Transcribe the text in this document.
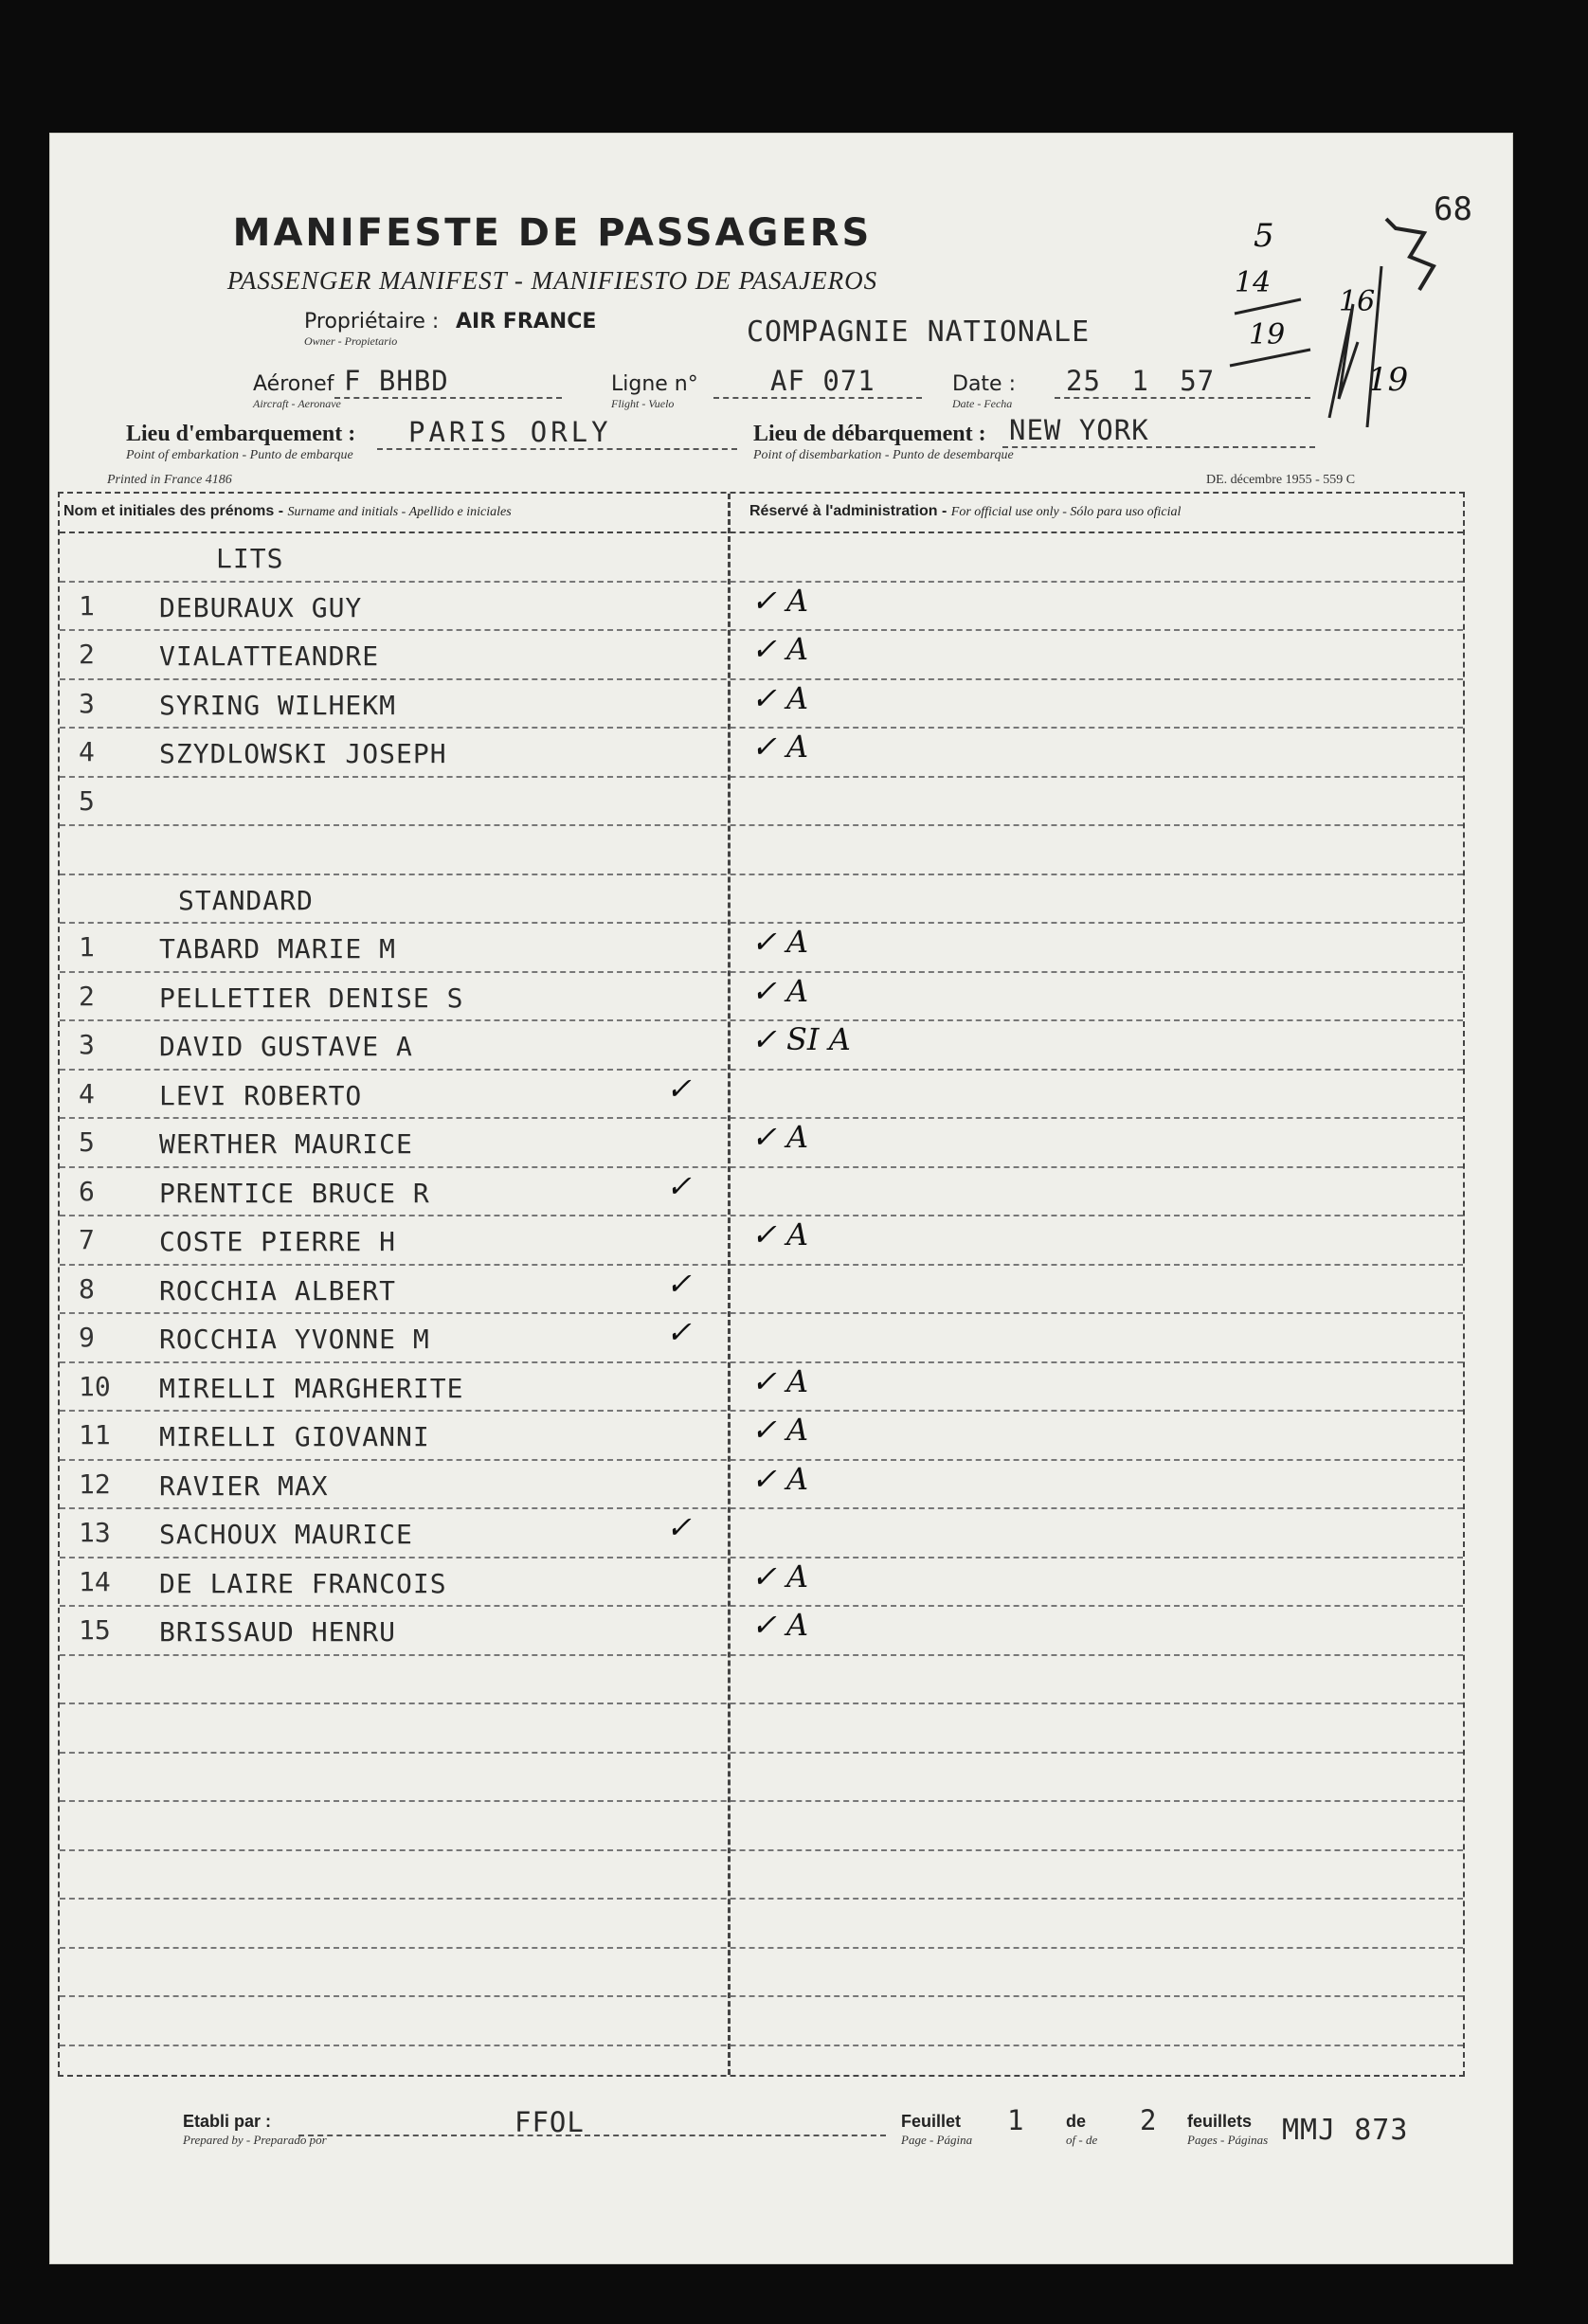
68
MANIFESTE DE PASSAGERS
PASSENGER MANIFEST - MANIFIESTO DE PASAJEROS
5
14
19
16
19
Propriétaire : AIR FRANCE
Owner - Propietario	COMPAGNIE NATIONALE
Aéronef F BHBD
Aircraft - Aeronave
Ligne n°	AF 071
Flight - Vuelo
Date : 25 1 57
Date - Fecha
Lieu d'embarquement : PARIS ORLY
Point of embarkation - Punto de embarque
Lieu de débarquement : NEW YORK
Point of disembarkation - Punto de desembarque
Printed in France 4186	DE. décembre 1955 - 559 C
Nom et initiales des prénoms - Surname and initials - Apellido e iniciales	Réservé à l'administration - For official use only - Sólo para uso oficial
LITS
1 DEBURAUX GUY	✓ A
2 VIALATTEANDRE	✓ A
3 SYRING WILHEKM	✓ A
4 SZYDLOWSKI JOSEPH	✓ A
5
STANDARD
1 TABARD MARIE M	✓ A
2 PELLETIER DENISE S	✓ A
3 DAVID GUSTAVE A	✓ SI A
4 LEVI ROBERTO	✓
5 WERTHER MAURICE	✓ A
6 PRENTICE BRUCE R	✓
7 COSTE PIERRE H	✓ A
8 ROCCHIA ALBERT	✓
9 ROCCHIA YVONNE M	✓
10 MIRELLI MARGHERITE	✓ A
11 MIRELLI GIOVANNI	✓ A
12 RAVIER MAX	✓ A
13 SACHOUX MAURICE	✓
14 DE LAIRE FRANCOIS	✓ A
15 BRISSAUD HENRU	✓ A
Etabli par :
Prepared by - Preparado por
FFOL	Feuillet
Page - Página
1 de
of - de
2 feuillets
Pages - Páginas MMJ 873
